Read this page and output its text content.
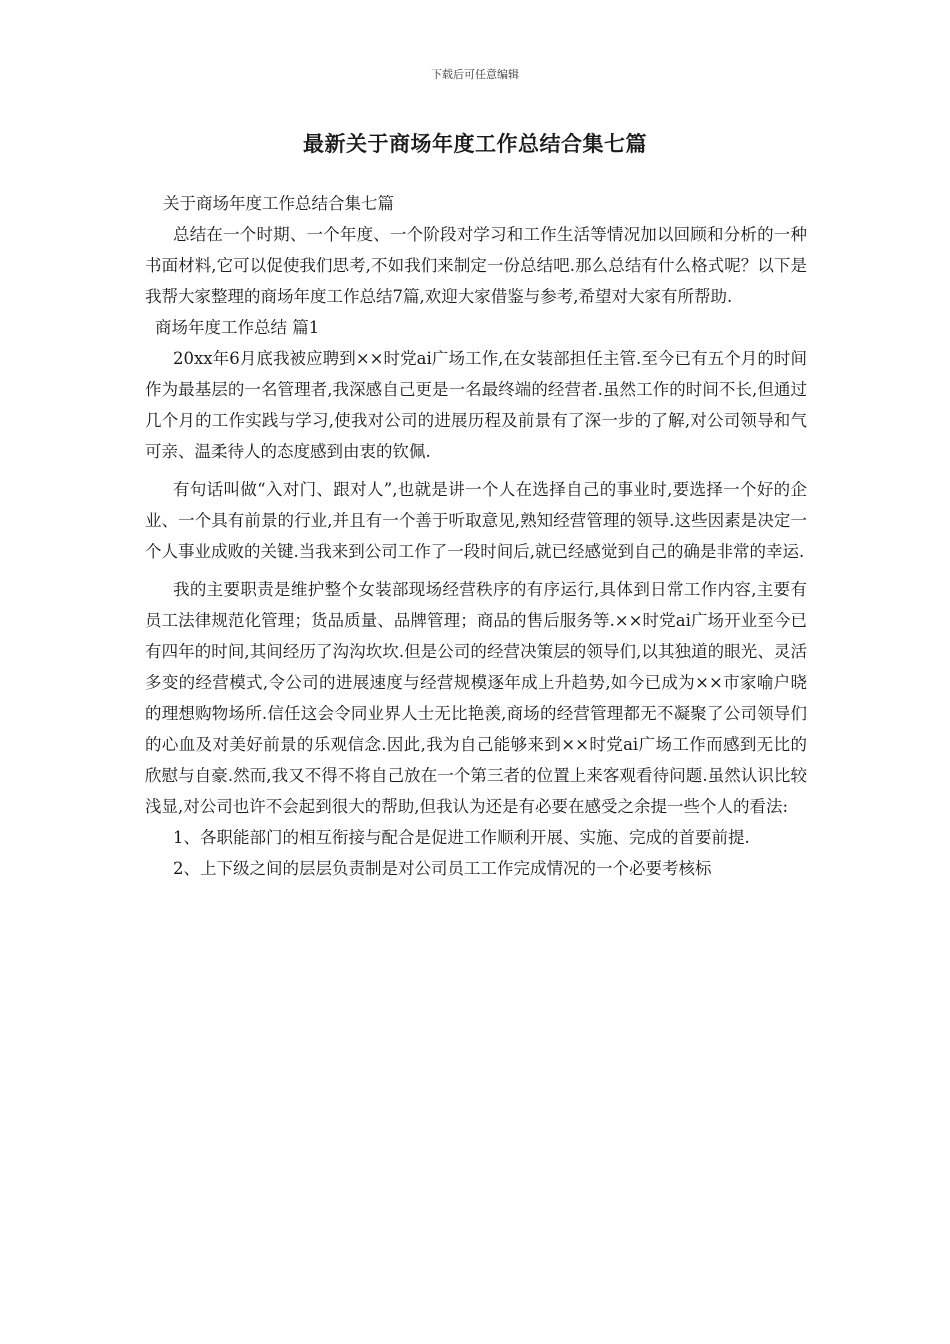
下载后可任意编辑
最新关于商场年度工作总结合集七篇

关于商场年度工作总结合集七篇

总结在一个时期、一个年度、一个阶段对学习和工作生活等情况加以回顾和分析的一种书面材料,它可以促使我们思考,不如我们来制定一份总结吧.那么总结有什么格式呢？以下是我帮大家整理的商场年度工作总结7篇,欢迎大家借鉴与参考,希望对大家有所帮助.

商场年度工作总结 篇1

20xx年6月底我被应聘到××时党ai广场工作,在女装部担任主管.至今已有五个月的时间作为最基层的一名管理者,我深感自己更是一名最终端的经营者.虽然工作的时间不长,但通过几个月的工作实践与学习,使我对公司的进展历程及前景有了深一步的了解,对公司领导和气可亲、温柔待人的态度感到由衷的钦佩.

有句话叫做“入对门、跟对人”,也就是讲一个人在选择自己的事业时,要选择一个好的企业、一个具有前景的行业,并且有一个善于听取意见,熟知经营管理的领导.这些因素是决定一个人事业成败的关键.当我来到公司工作了一段时间后,就已经感觉到自己的确是非常的幸运.

我的主要职责是维护整个女装部现场经营秩序的有序运行,具体到日常工作内容,主要有员工法律规范化管理；货品质量、品牌管理；商品的售后服务等.××时党ai广场开业至今已有四年的时间,其间经历了沟沟坎坎.但是公司的经营决策层的领导们,以其独道的眼光、灵活多变的经营模式,令公司的进展速度与经营规模逐年成上升趋势,如今已成为××市家喻户晓的理想购物场所.信任这会令同业界人士无比艳羡,商场的经营管理都无不凝聚了公司领导们的心血及对美好前景的乐观信念.因此,我为自己能够来到××时党ai广场工作而感到无比的欣慰与自豪.然而,我又不得不将自己放在一个第三者的位置上来客观看待问题.虽然认识比较浅显,对公司也许不会起到很大的帮助,但我认为还是有必要在感受之余提一些个人的看法:

1、各职能部门的相互衔接与配合是促进工作顺利开展、实施、完成的首要前提.

2、上下级之间的层层负责制是对公司员工工作完成情况的一个必要考核标
